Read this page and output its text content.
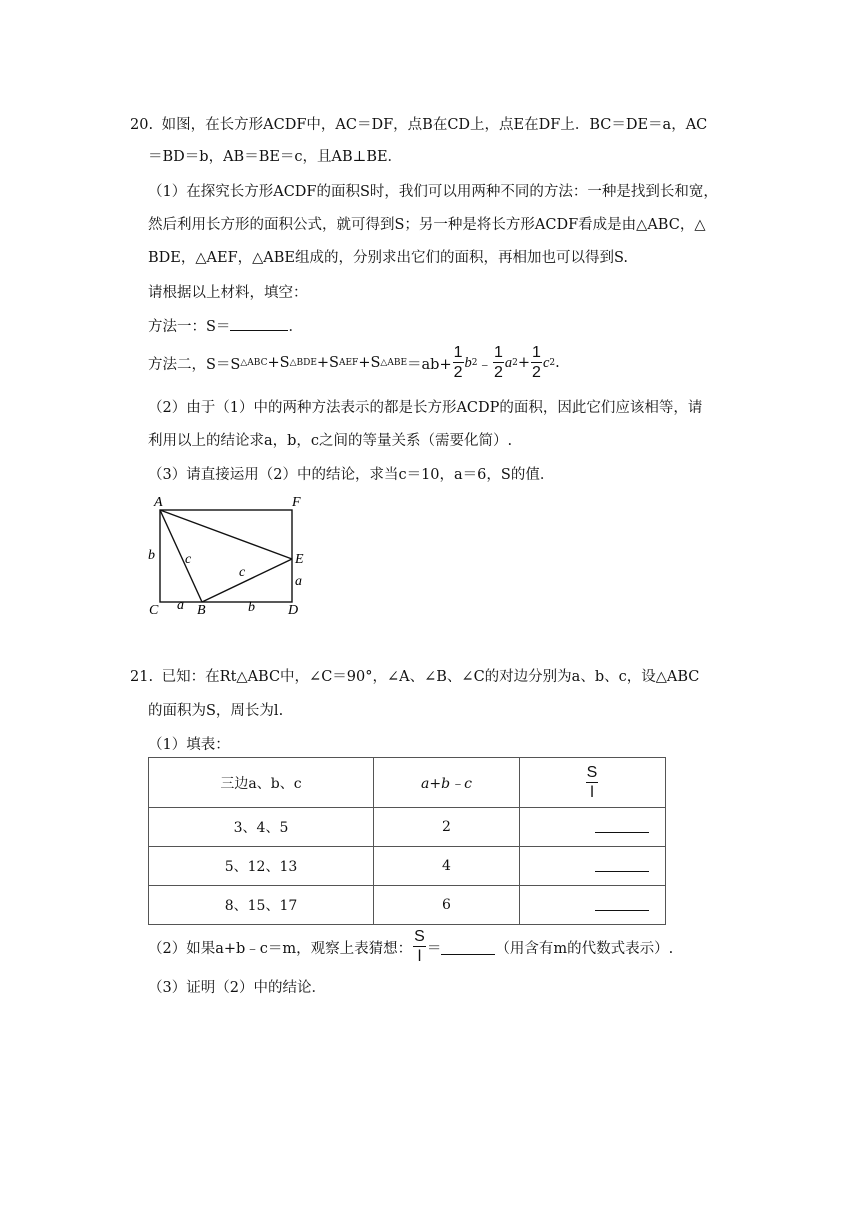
20. 如图，在长方形ACDF中，AC＝DF，点B在CD上，点E在DF上．BC＝DE＝a，AC
＝BD＝b，AB＝BE＝c，且AB⊥BE．
（1）在探究长方形ACDF的面积S时，我们可以用两种不同的方法：一种是找到长和宽，
然后利用长方形的面积公式，就可得到S；另一种是将长方形ACDF看成是由△ABC，△
BDE，△AEF，△ABE组成的，分别求出它们的面积，再相加也可以得到S.
请根据以上材料，填空：
方法一：S＝	．
方法二，S＝S △ABC +S △BDE +S AEF +S △ABE $=ab+ \frac{1}{2}$ b 2 ﹣ $\frac{1}{2}$ a $2 + \frac{1}{2}$ c 2 .
（2）由于（1）中的两种方法表示的都是长方形ACDP的面积，因此它们应该相等，请
利用以上的结论求a，b，c之间的等量关系（需要化简）.
（3）请直接运用（2）中的结论，求当c＝10，a＝6，S的值．
A	F
E
C	B	D
b c
c
a
a	b
21. 已知：在Rt△ABC中，∠C＝90°，∠A、∠B、∠C的对边分别为a、b、c，设△ABC
的面积为S，周长为l.
（1）填表：
三边a、b、c	a+b﹣c	$\frac{S}{l}$

3、4、5	2	
5、12、13	4	
8、15、17	6	
（2）如果a+b﹣c＝m，观察上表猜想： $\frac{S}{l}$ ＝	（用含有m的代数式表示）.
（3）证明（2）中的结论．
